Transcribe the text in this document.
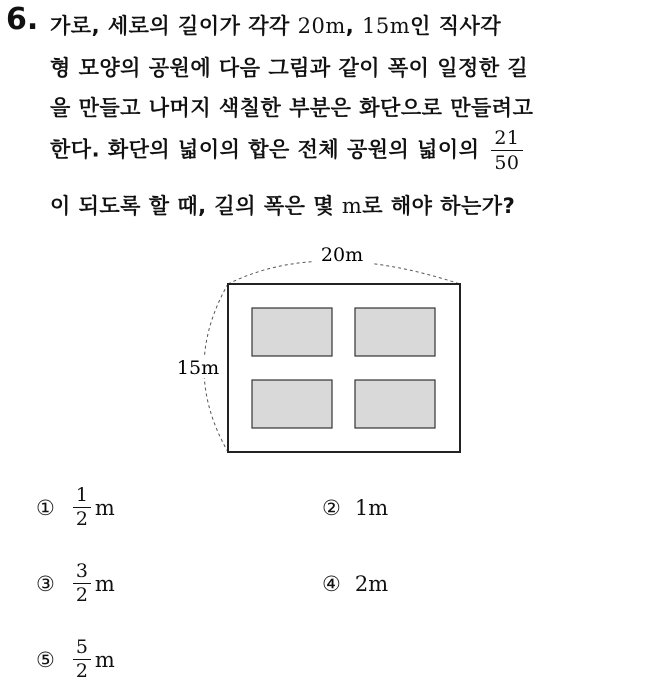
6. 가로, 세로의 길이가 각각 20m, 15m인 직사각
형 모양의 공원에 다음 그림과 같이 폭이 일정한 길
을 만들고 나머지 색칠한 부분은 화단으로 만들려고
한다. 화단의 넓이의 합은 전체 공원의 넓이의 $\frac{21}{50}$
이 되도록 할 때, 길의 폭은 몇 m로 해야 하는가?
20m
15m
① $\frac{1}{2}$ m	② 1m
③ $\frac{3}{2}$ m	④ 2m
⑤ $\frac{5}{2}$ m
